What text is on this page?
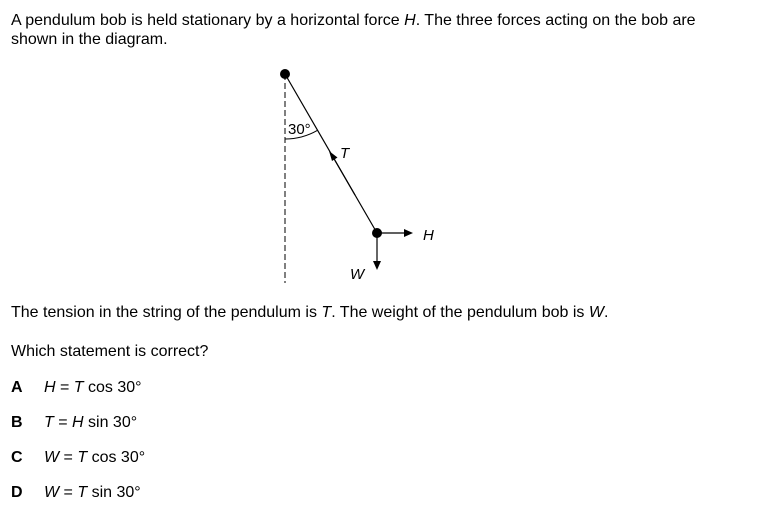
A pendulum bob is held stationary by a horizontal force H. The three forces acting on the bob are
shown in the diagram.
30°
T
H
W
The tension in the string of the pendulum is T. The weight of the pendulum bob is W.
Which statement is correct?
A H = T cos 30°
B T = H sin 30°
C W = T cos 30°
D W = T sin 30°
